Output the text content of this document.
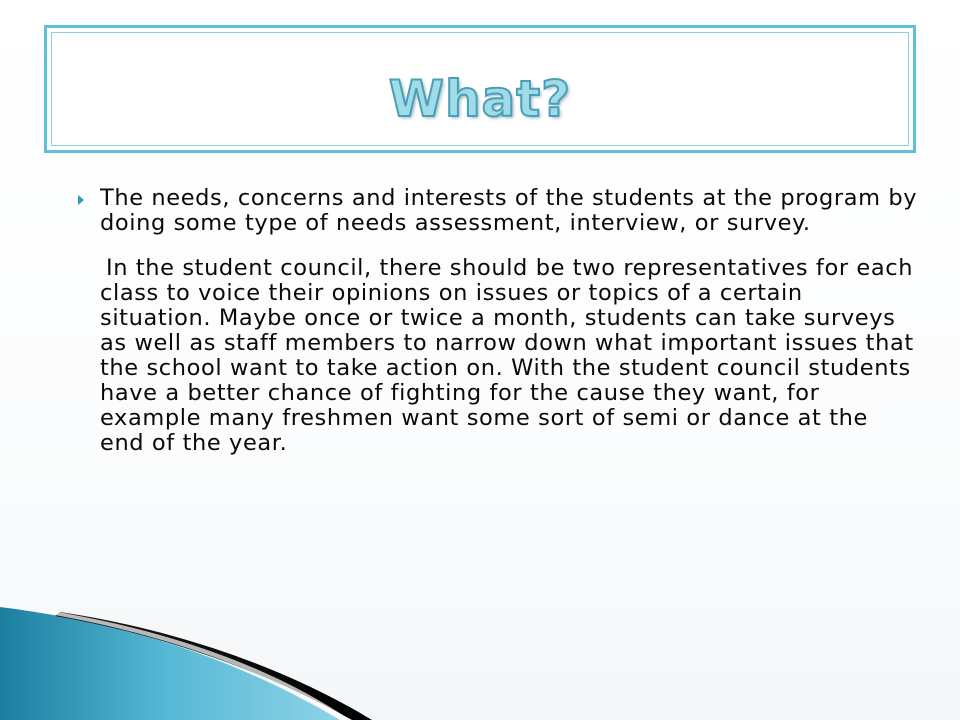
What?
The needs, concerns and interests of the students at the program by doing some type of needs assessment, interview, or survey.
In the student council, there should be two representatives for each class to voice their opinions on issues or topics of a certain situation. Maybe once or twice a month, students can take surveys as well as staff members to narrow down what important issues that the school want to take action on. With the student council students have a better chance of fighting for the cause they want, for example many freshmen want some sort of semi or dance at the end of the year.
